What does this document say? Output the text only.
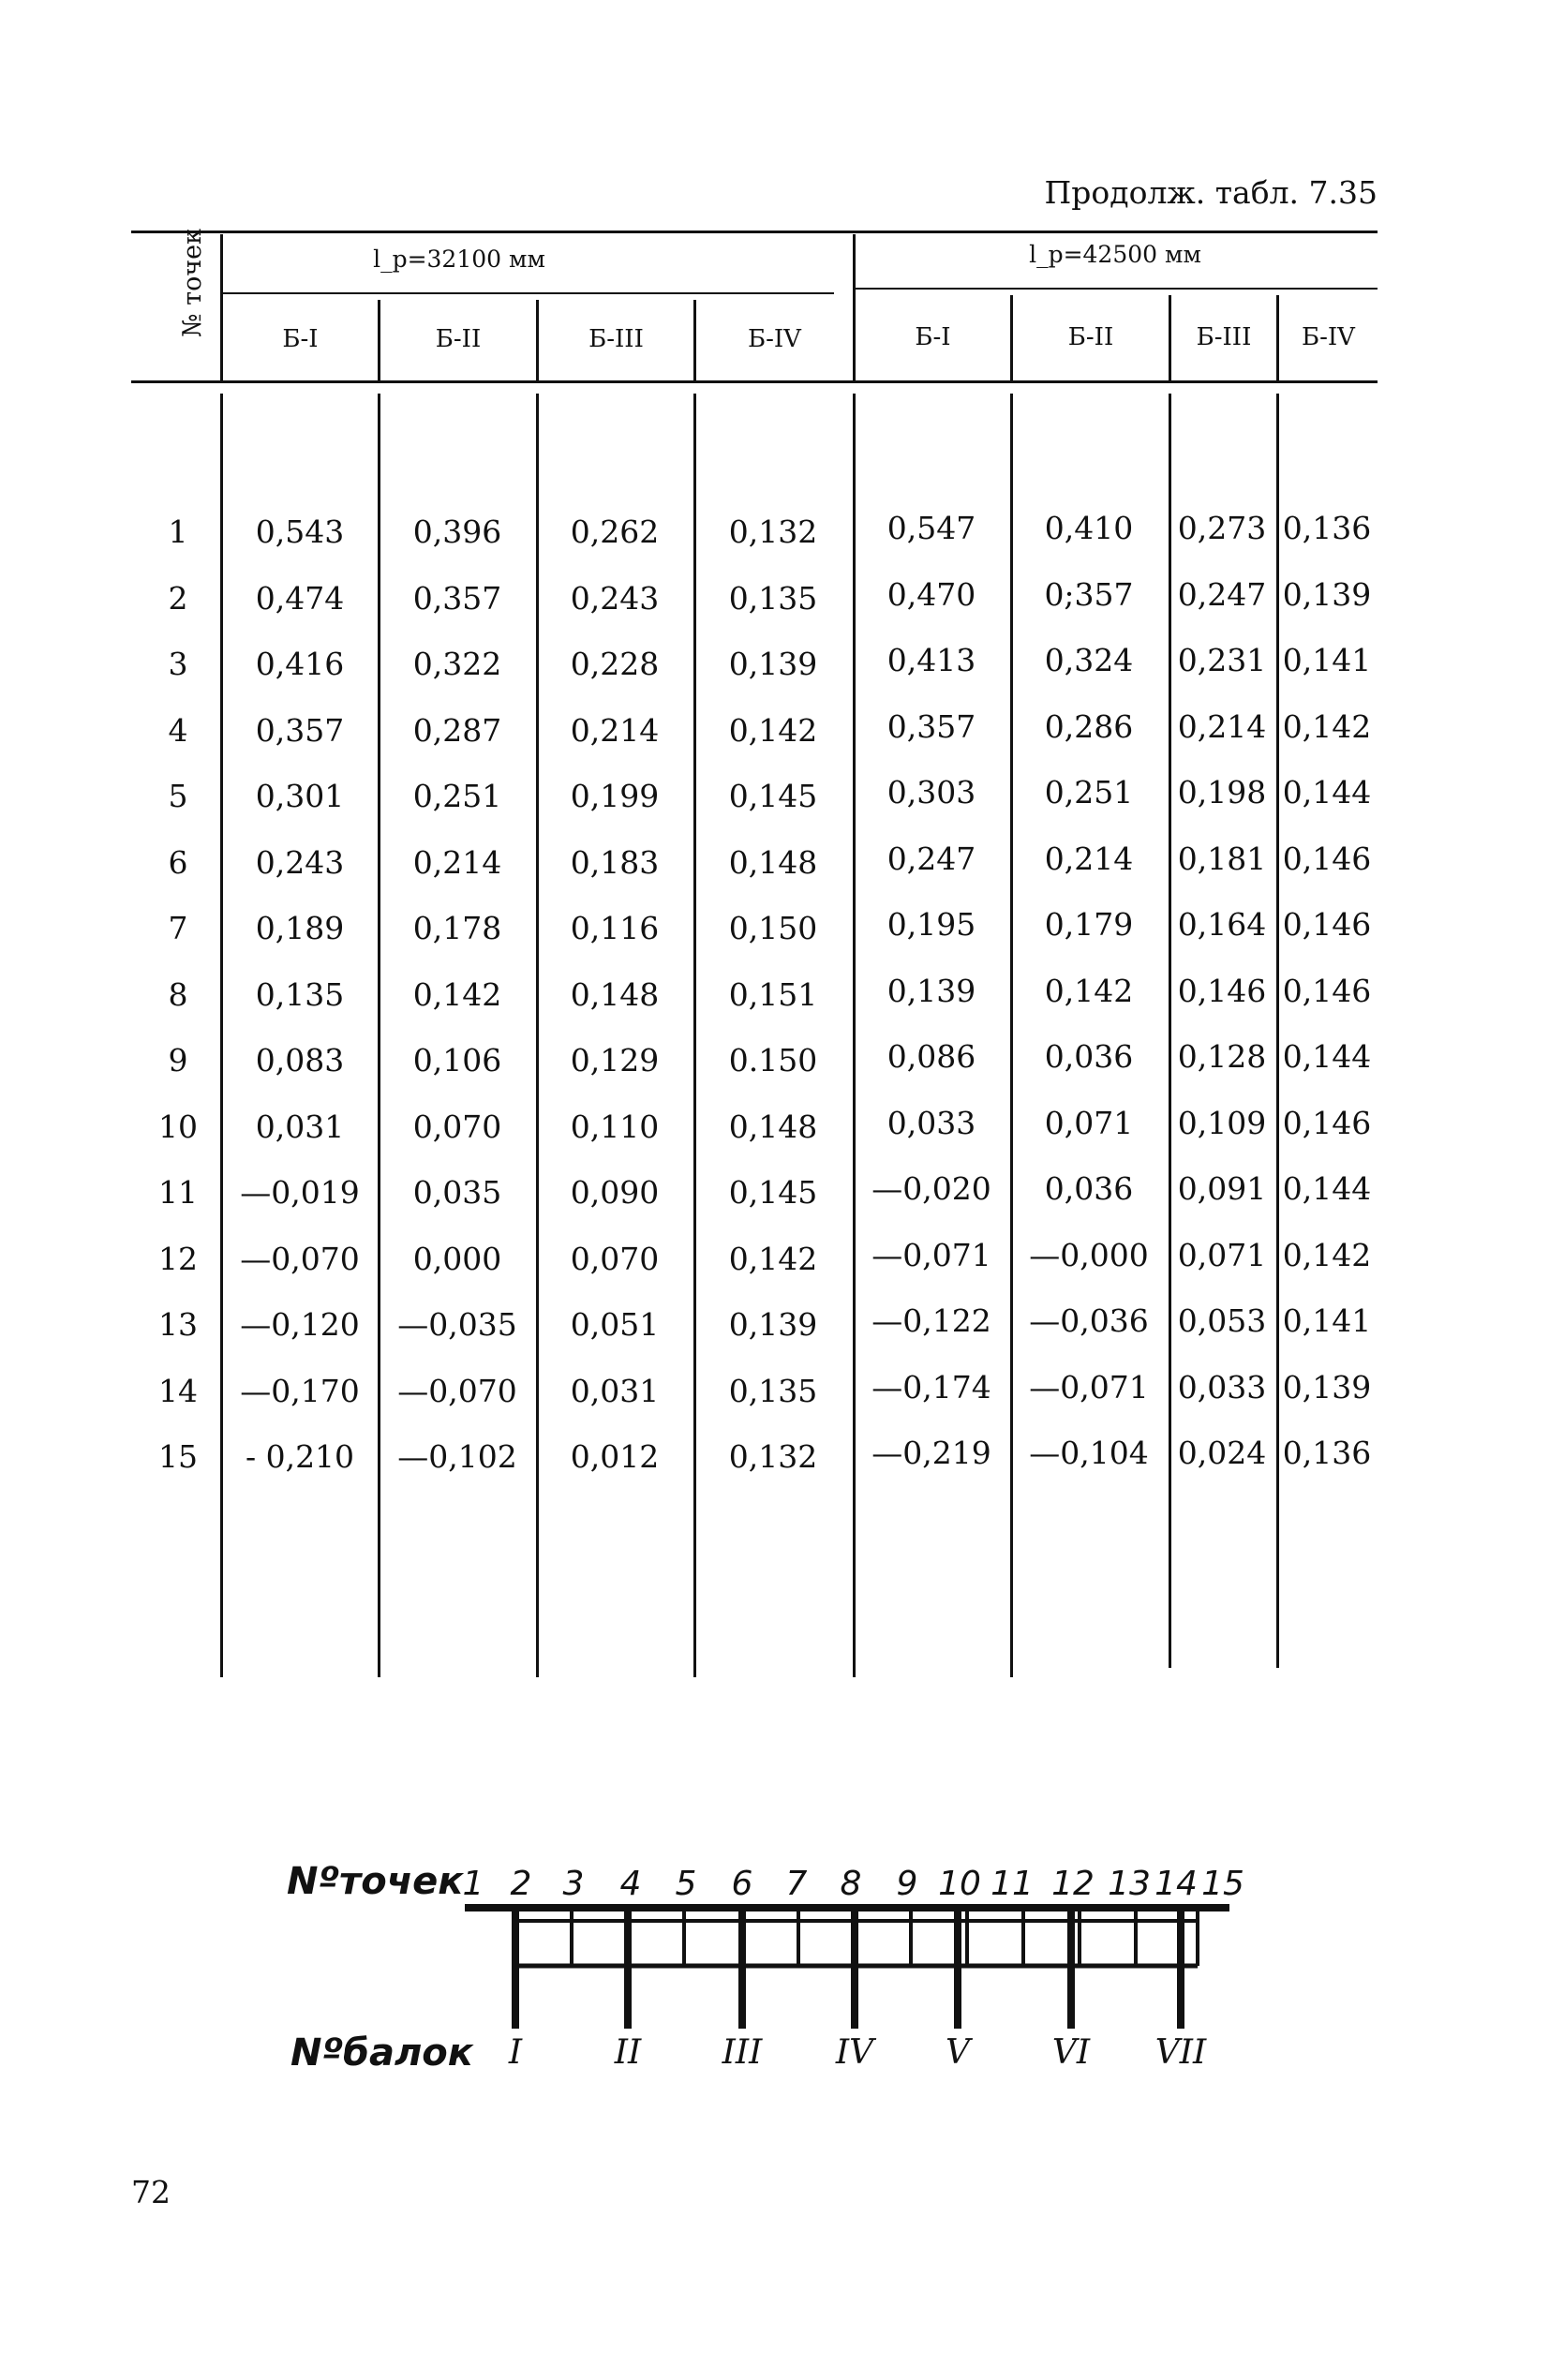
Продолж. табл. 7.35
№ точек	l_p=32100 мм	l_p=42500 мм
Б-I	Б-II	Б-III	Б-IV	Б-I	Б-II	Б-III	Б-IV
1	0,543	0,396	0,262	0,132	0,547	0,410	0,273 0,136
2	0,474	0,357	0,243	0,135	0,470	0;357	0,247 0,139
3	0,416	0,322	0,228	0,139	0,413	0,324	0,231 0,141
4	0,357	0,287	0,214	0,142	0,357	0,286	0,214 0,142
5	0,301	0,251	0,199	0,145	0,303	0,251	0,198 0,144
6	0,243	0,214	0,183	0,148	0,247	0,214	0,181 0,146
7	0,189	0,178	0,116	0,150	0,195	0,179	0,164 0,146
8	0,135	0,142	0,148	0,151	0,139	0,142	0,146 0,146
9	0,083	0,106	0,129	0.150	0,086	0,036	0,128 0,144
10	0,031	0,070	0,110	0,148	0,033	0,071	0,109 0,146
11	—0,019	0,035	0,090	0,145	—0,020	0,036	0,091 0,144
12	—0,070	0,000	0,070	0,142	—0,071	—0,000 0,071 0,142
13	—0,120	—0,035	0,051	0,139	—0,122	—0,036 0,053 0,141
14	—0,170	—0,070	0,031	0,135	—0,174	—0,071 0,033 0,139
15	- 0,210	—0,102	0,012	0,132	—0,219	—0,104 0,024 0,136
Nºточек 1 2 3	4	5	6 7 8	9 10 11 12 13 14 15
Nºбалок	I	II	III	IV	V	VI	VII
72
